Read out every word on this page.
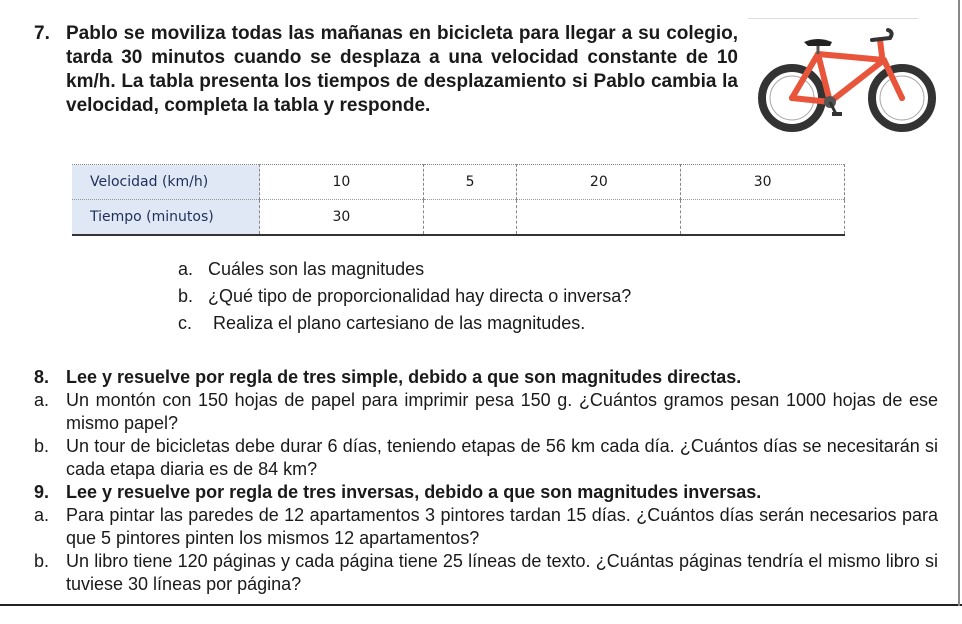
7. Pablo se moviliza todas las mañanas en bicicleta para llegar a su colegio, tarda 30 minutos cuando se desplaza a una velocidad constante de 10 km/h. La tabla presenta los tiempos de desplazamiento si Pablo cambia la velocidad, completa la tabla y responde.
Velocidad (km/h)	10	5	20	30
Tiempo (minutos)	30			
a. Cuáles son las magnitudes
b. ¿Qué tipo de proporcionalidad hay directa o inversa?
c. Realiza el plano cartesiano de las magnitudes.
8. Lee y resuelve por regla de tres simple, debido a que son magnitudes directas.
a. Un montón con 150 hojas de papel para imprimir pesa 150 g. ¿Cuántos gramos pesan 1000 hojas de ese mismo papel?
b. Un tour de bicicletas debe durar 6 días, teniendo etapas de 56 km cada día. ¿Cuántos días se necesitarán si cada etapa diaria es de 84 km?
9. Lee y resuelve por regla de tres inversas, debido a que son magnitudes inversas.
a. Para pintar las paredes de 12 apartamentos 3 pintores tardan 15 días. ¿Cuántos días serán necesarios para que 5 pintores pinten los mismos 12 apartamentos?
b. Un libro tiene 120 páginas y cada página tiene 25 líneas de texto. ¿Cuántas páginas tendría el mismo libro si tuviese 30 líneas por página?
